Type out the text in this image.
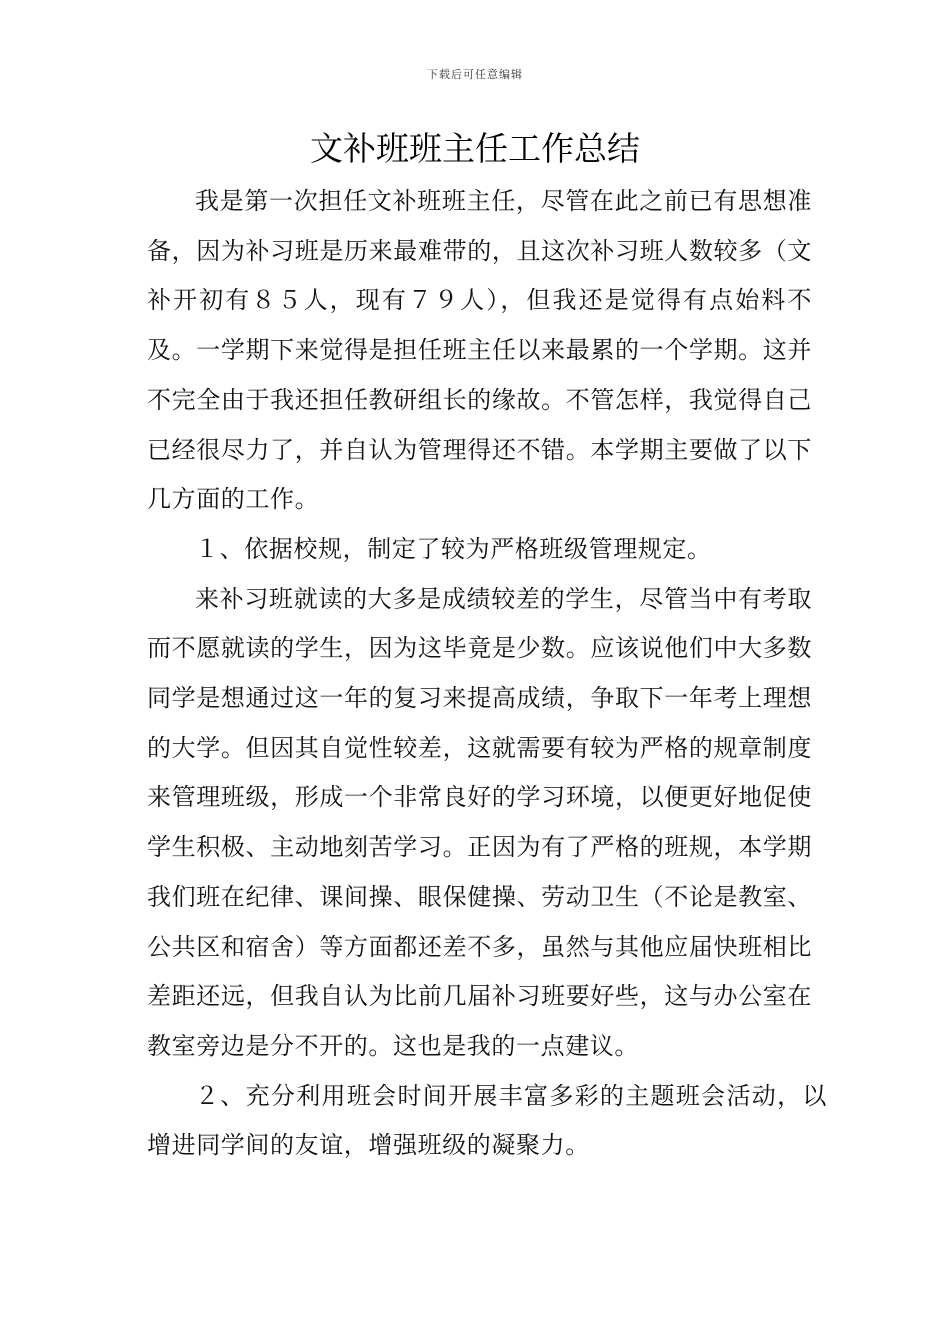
下载后可任意编辑
文补班班主任工作总结

我是第一次担任文补班班主任，尽管在此之前已有思想准备，因为补习班是历来最难带的，且这次补习班人数较多（文补开初有８５人，现有７９人），但我还是觉得有点始料不及。一学期下来觉得是担任班主任以来最累的一个学期。这并不完全由于我还担任教研组长的缘故。不管怎样，我觉得自己已经很尽力了，并自认为管理得还不错。本学期主要做了以下几方面的工作。

１、依据校规，制定了较为严格班级管理规定。

来补习班就读的大多是成绩较差的学生，尽管当中有考取而不愿就读的学生，因为这毕竟是少数。应该说他们中大多数同学是想通过这一年的复习来提高成绩，争取下一年考上理想的大学。但因其自觉性较差，这就需要有较为严格的规章制度来管理班级，形成一个非常良好的学习环境，以便更好地促使学生积极、主动地刻苦学习。正因为有了严格的班规，本学期我们班在纪律、课间操、眼保健操、劳动卫生（不论是教室、公共区和宿舍）等方面都还差不多，虽然与其他应届快班相比差距还远，但我自认为比前几届补习班要好些，这与办公室在教室旁边是分不开的。这也是我的一点建议。

２、充分利用班会时间开展丰富多彩的主题班会活动，以增进同学间的友谊，增强班级的凝聚力。
